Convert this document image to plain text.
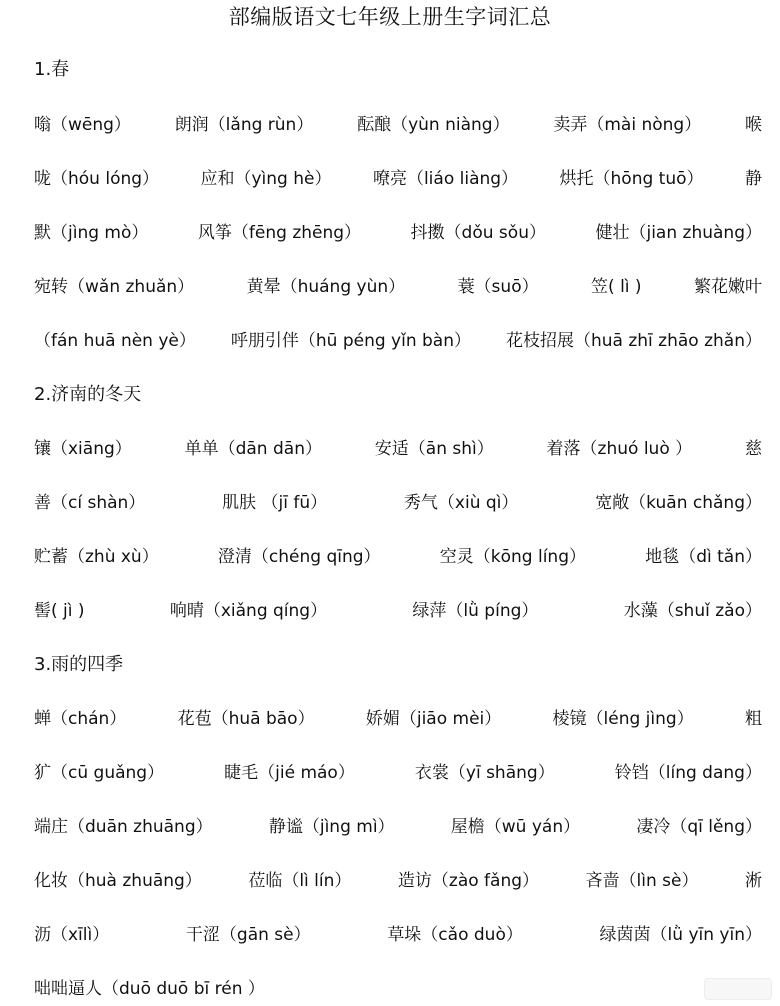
部编版语文七年级上册生字词汇总
1.春
嗡（wēng）	朗润（lǎng rùn）	酝酿（yùn niàng）	卖弄（mài nòng）	喉
咙（hóu lóng） 应和（yìng hè） 嘹亮（liáo liàng） 烘托（hōng tuō） 静
默（jìng mò）	风筝（fēng zhēng）	抖擞（dǒu sǒu）	健壮（jian zhuàng）
宛转（wǎn zhuǎn）	黄晕（huáng yùn）	蓑（suō）	笠( lì )	繁花嫩叶
（fán huā nèn yè） 呼朋引伴（hū péng yǐn bàn） 花枝招展（huā zhī zhāo zhǎn）
2.济南的冬天
镶（xiāng）	单单（dān dān）	安适（ān shì）	着落（zhuó luò ）	慈
善（cí shàn）	肌肤 （jī fū）	秀气（xiù qì）	宽敞（kuān chǎng）
贮蓄（zhù xù）	澄清（chéng qīng）	空灵（kōng líng）	地毯（dì tǎn）
髻( jì )	响晴（xiǎng qíng）	绿萍（lǜ píng）	水藻（shuǐ zǎo）
3.雨的四季
蝉（chán）	花苞（huā bāo）	娇媚（jiāo mèi）	棱镜（léng jìng）	粗
犷（cū guǎng）	睫毛（jié máo）	衣裳（yī shāng）	铃铛（líng dang）
端庄（duān zhuāng）	静谧（jìng mì）	屋檐（wū yán）	凄冷（qī lěng）
化妆（huà zhuāng）	莅临（lì lín）	造访（zào fǎng）	吝啬（lìn sè）	淅
沥（xīlì）	干涩（gān sè）	草垛（cǎo duò）	绿茵茵（lǜ yīn yīn）
咄咄逼人（duō duō bī rén ）
